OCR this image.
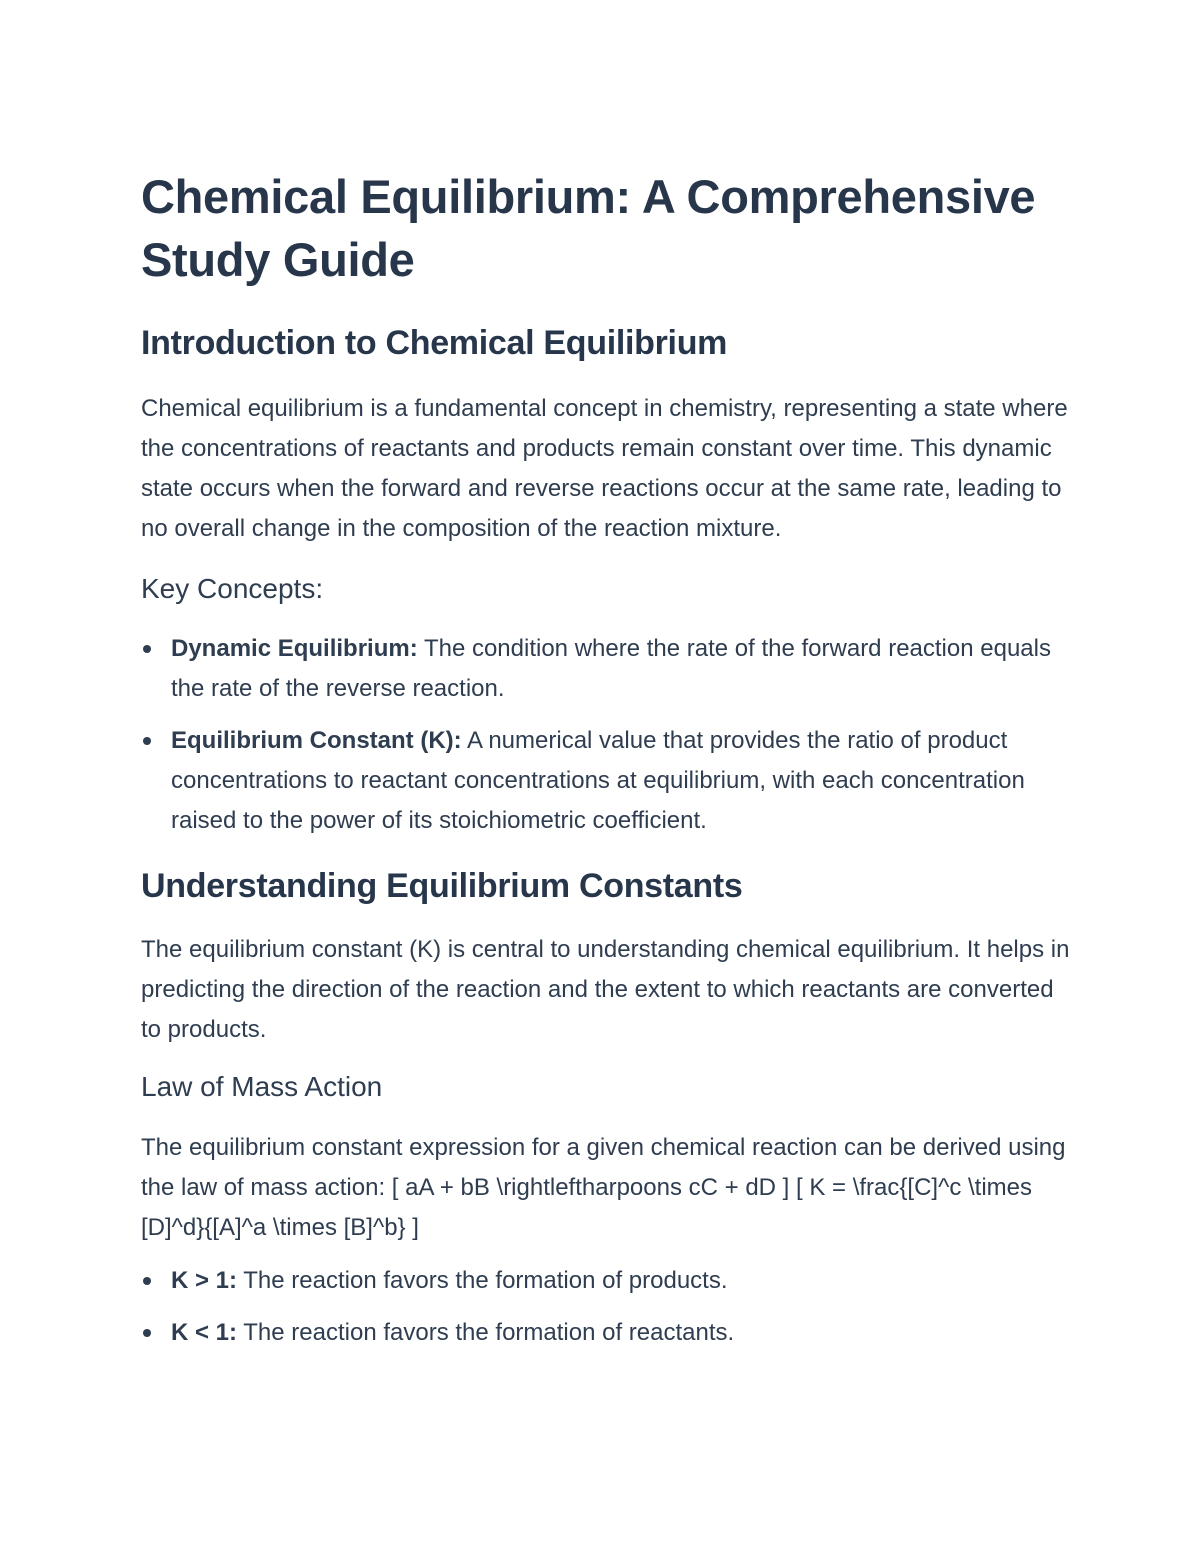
Chemical Equilibrium: A Comprehensive Study Guide
Introduction to Chemical Equilibrium

Chemical equilibrium is a fundamental concept in chemistry, representing a state where the concentrations of reactants and products remain constant over time. This dynamic state occurs when the forward and reverse reactions occur at the same rate, leading to no overall change in the composition of the reaction mixture.

Key Concepts:
Dynamic Equilibrium: The condition where the rate of the forward reaction equals the rate of the reverse reaction.
Equilibrium Constant (K): A numerical value that provides the ratio of product concentrations to reactant concentrations at equilibrium, with each concentration raised to the power of its stoichiometric coefficient.
Understanding Equilibrium Constants

The equilibrium constant (K) is central to understanding chemical equilibrium. It helps in predicting the direction of the reaction and the extent to which reactants are converted to products.

Law of Mass Action

The equilibrium constant expression for a given chemical reaction can be derived using the law of mass action: [ aA + bB \rightleftharpoons cC + dD ] [ K = \frac{[C]^c \times [D]^d}{[A]^a \times [B]^b} ]

K > 1: The reaction favors the formation of products.
K < 1: The reaction favors the formation of reactants.
